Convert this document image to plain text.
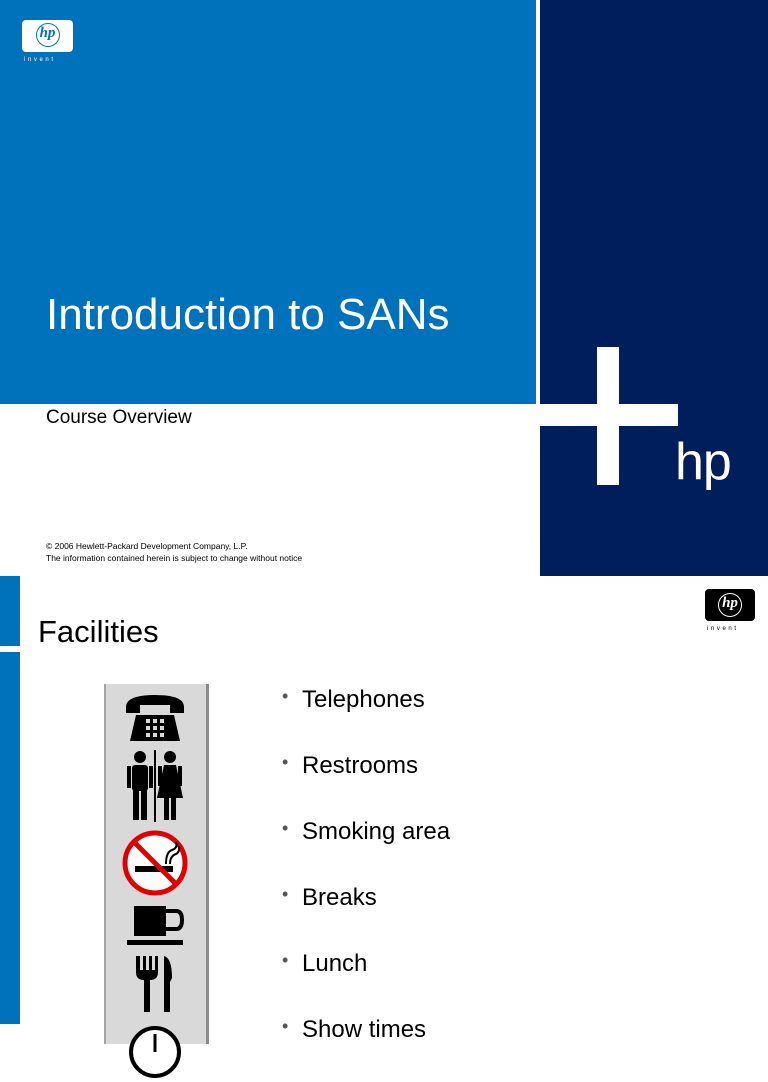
hp
invent
Introduction to SANs
Course Overview
© 2006 Hewlett-Packard Development Company, L.P.
The information contained herein is subject to change without notice
hp
hp
invent
Facilities
• Telephones
• Restrooms
• Smoking area
• Breaks
• Lunch
• Show times
